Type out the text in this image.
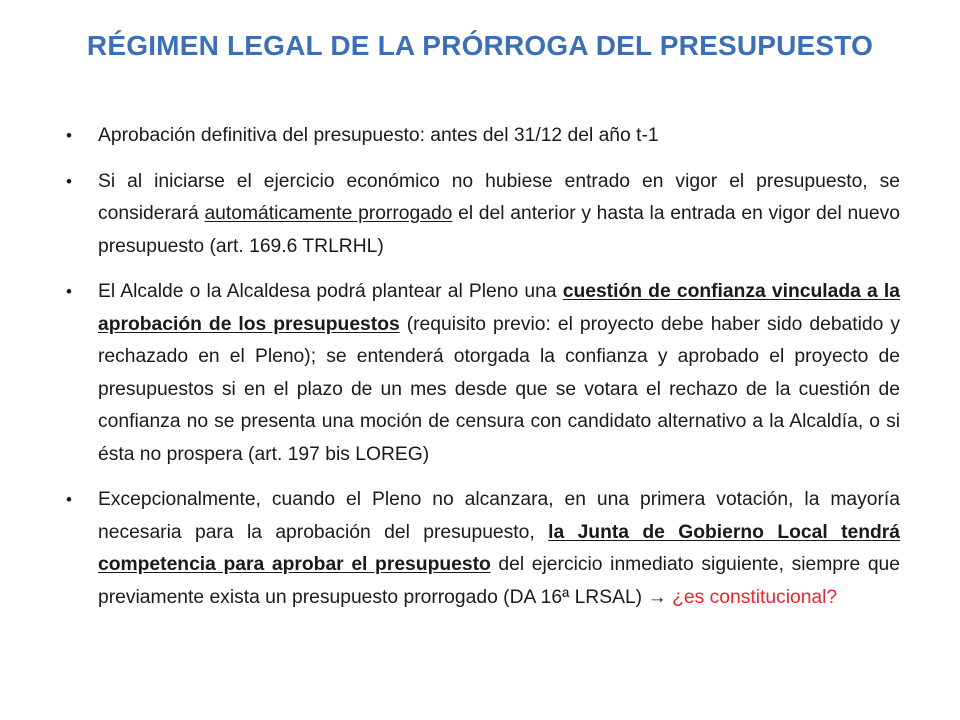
RÉGIMEN LEGAL DE LA PRÓRROGA DEL PRESUPUESTO
• Aprobación definitiva del presupuesto: antes del 31/12 del año t-1
• Si al iniciarse el ejercicio económico no hubiese entrado en vigor el presupuesto, se considerará automáticamente prorrogado el del anterior y hasta la entrada en vigor del nuevo presupuesto (art. 169.6 TRLRHL)
• El Alcalde o la Alcaldesa podrá plantear al Pleno una cuestión de confianza vinculada a la aprobación de los presupuestos (requisito previo: el proyecto debe haber sido debatido y rechazado en el Pleno); se entenderá otorgada la confianza y aprobado el proyecto de presupuestos si en el plazo de un mes desde que se votara el rechazo de la cuestión de confianza no se presenta una moción de censura con candidato alternativo a la Alcaldía, o si ésta no prospera (art. 197 bis LOREG)
• Excepcionalmente, cuando el Pleno no alcanzara, en una primera votación, la mayoría necesaria para la aprobación del presupuesto, la Junta de Gobierno Local tendrá competencia para aprobar el presupuesto del ejercicio inmediato siguiente, siempre que previamente exista un presupuesto prorrogado (DA 16ª LRSAL) → ¿es constitucional?
